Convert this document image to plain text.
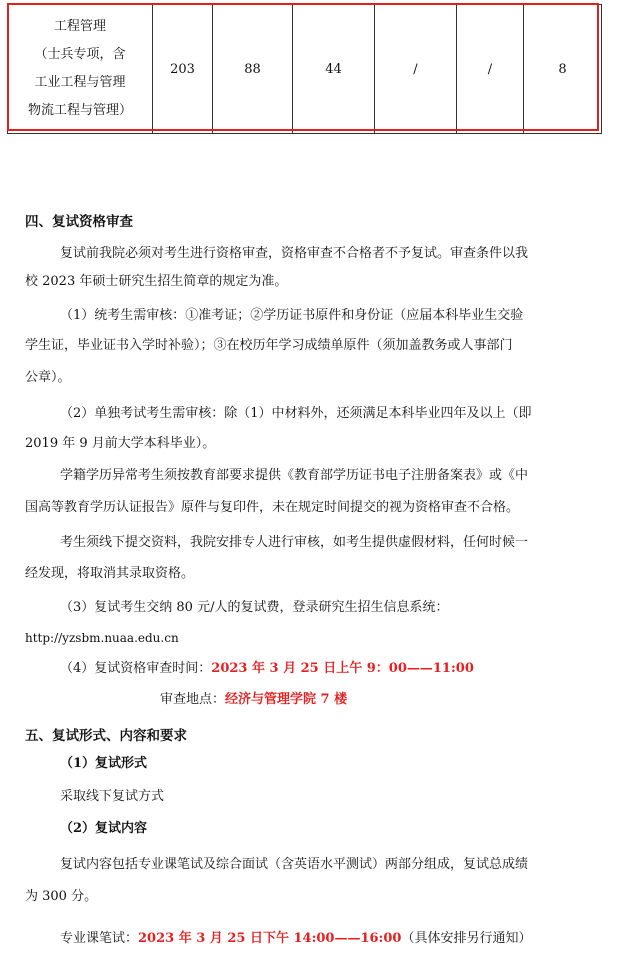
工程管理
（士兵专项，含
工业工程与管理
物流工程与管理）
	203	88	44	/	/	8
四、复试资格审查
复试前我院必须对考生进行资格审查，资格审查不合格者不予复试。审查条件以我
校 2023 年硕士研究生招生简章的规定为准。
（1）统考生需审核：①准考证；②学历证书原件和身份证（应届本科毕业生交验
学生证，毕业证书入学时补验）；③在校历年学习成绩单原件（须加盖教务或人事部门
公章）。
（2）单独考试考生需审核：除（1）中材料外，还须满足本科毕业四年及以上（即
2019 年 9 月前大学本科毕业）。
学籍学历异常考生须按教育部要求提供《教育部学历证书电子注册备案表》或《中
国高等教育学历认证报告》原件与复印件，未在规定时间提交的视为资格审查不合格。
考生须线下提交资料，我院安排专人进行审核，如考生提供虚假材料，任何时候一
经发现，将取消其录取资格。
（3）复试考生交纳 80 元/人的复试费，登录研究生招生信息系统：
http://yzsbm.nuaa.edu.cn
（4）复试资格审查时间：2023 年 3 月 25 日上午 9：00——11:00
审查地点：经济与管理学院 7 楼
五、复试形式、内容和要求
（1）复试形式
采取线下复试方式
（2）复试内容
复试内容包括专业课笔试及综合面试（含英语水平测试）两部分组成，复试总成绩
为 300 分。
专业课笔试：2023 年 3 月 25 日下午 14:00——16:00（具体安排另行通知）
